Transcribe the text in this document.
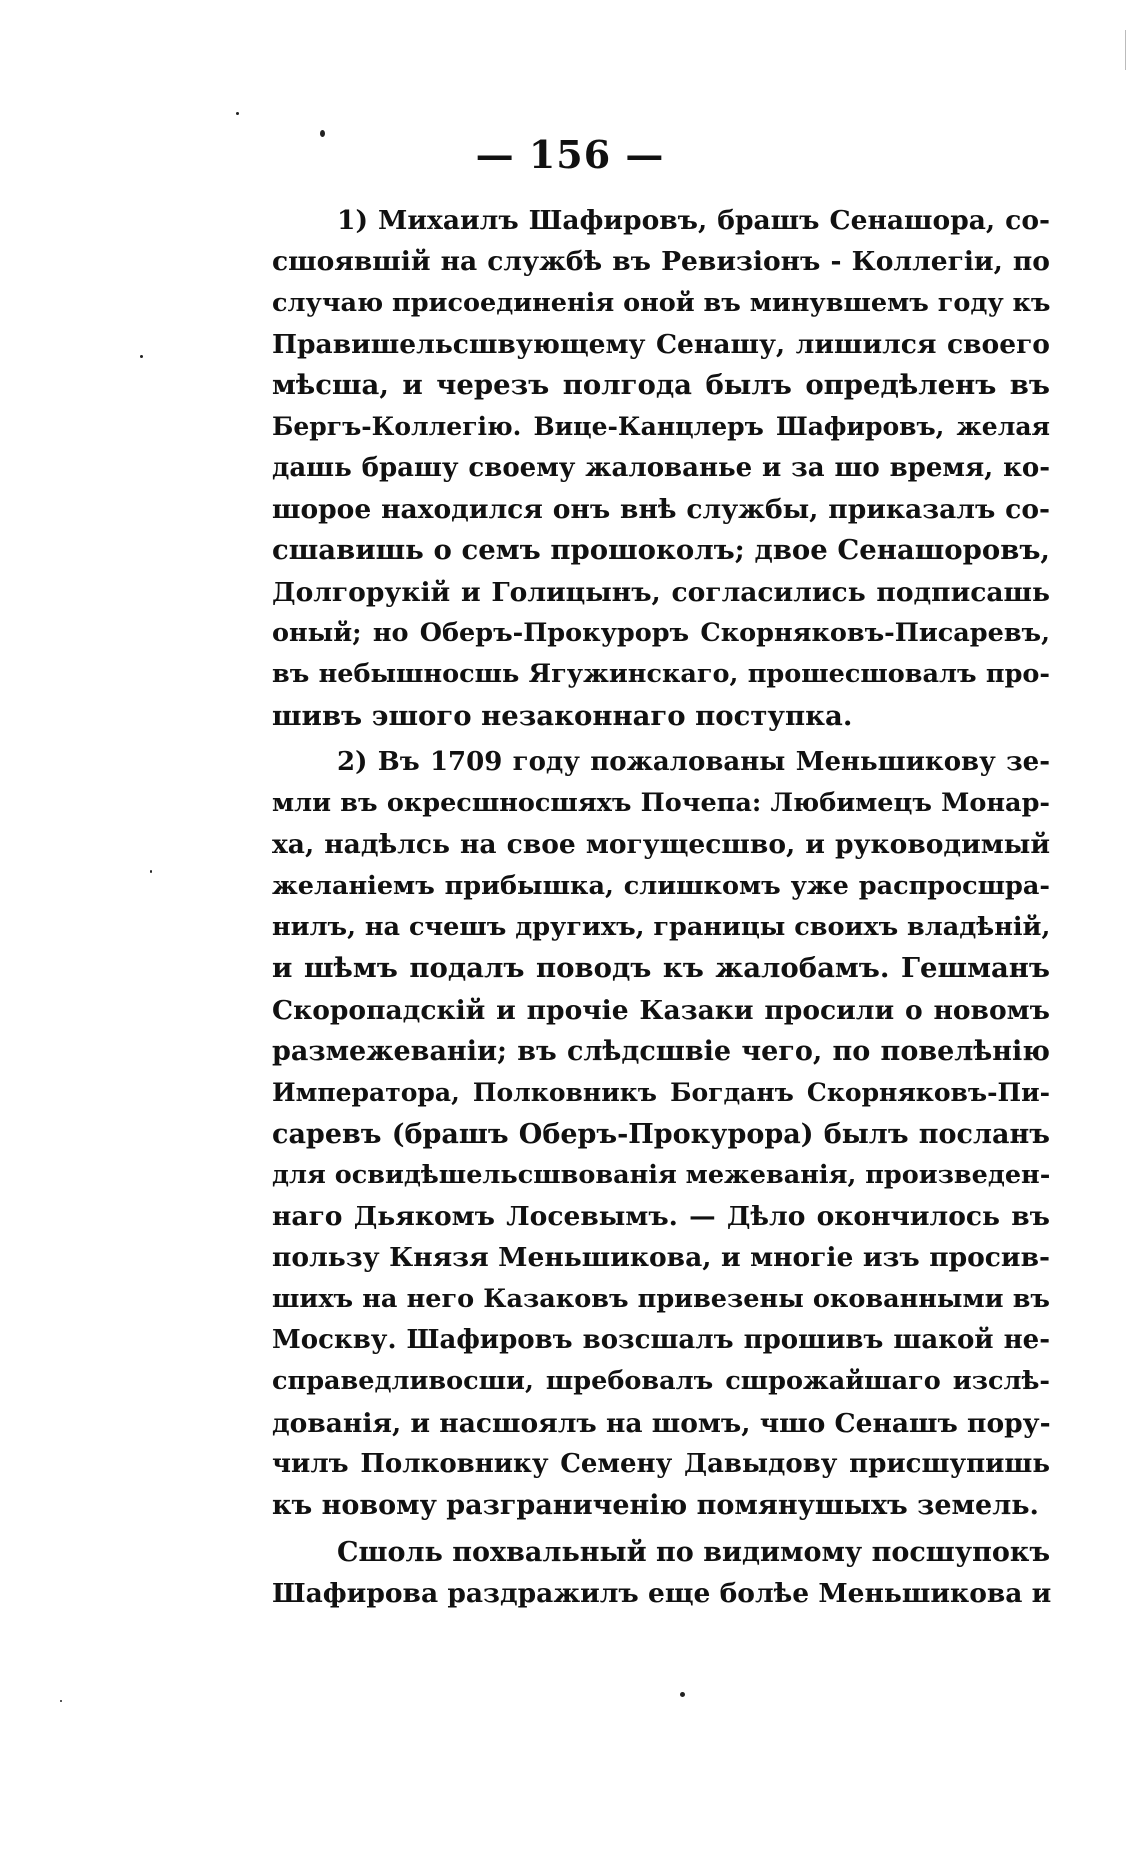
— 156 —
1) Михаилъ Шафировъ, брашъ Сенашора, со-
сшоявшій на службѣ въ Ревизіонъ - Коллегіи, по
случаю присоединенія оной въ минувшемъ году къ
Правишельсшвующему Сенашу, лишился своего
мѣсша, и черезъ полгода былъ опредѣленъ въ
Бергъ-Коллегію. Вице-Канцлеръ Шафировъ, желая
дашь брашу своему жалованье и за шо время, ко-
шорое находился онъ внѣ службы, приказалъ со-
сшавишь о семъ прошоколъ; двое Сенашоровъ,
Долгорукій и Голицынъ, согласились подписашь
оный; но Оберъ-Прокуроръ Скорняковъ-Писаревъ,
въ небышносшь Ягужинскаго, прошесшовалъ про-
шивъ эшого незаконнаго поступка.
2) Въ 1709 году пожалованы Меньшикову зе-
мли въ окресшносшяхъ Почепа: Любимецъ Монар-
ха, надѣлсь на свое могущесшво, и руководимый
желаніемъ прибышка, слишкомъ уже распросшра-
нилъ, на счешъ другихъ, границы своихъ владѣній,
и шѣмъ подалъ поводъ къ жалобамъ. Гешманъ
Скоропадскій и прочіе Казаки просили о новомъ
размежеваніи; въ слѣдсшвіе чего, по повелѣнію
Императора, Полковникъ Богданъ Скорняковъ-Пи-
саревъ (брашъ Оберъ-Прокурора) былъ посланъ
для освидѣшельсшвованія межеванія, произведен-
наго Дьякомъ Лосевымъ. — Дѣло окончилось въ
пользу Князя Меньшикова, и многіе изъ просив-
шихъ на него Казаковъ привезены окованными въ
Москву. Шафировъ возсшалъ прошивъ шакой не-
справедливосши, шребовалъ сшрожайшаго изслѣ-
дованія, и насшоялъ на шомъ, чшо Сенашъ пору-
чилъ Полковнику Семену Давыдову присшупишь
къ новому разграниченію помянушыхъ земель.
Сшоль похвальный по видимому посшупокъ
Шафирова раздражилъ еще болѣе Меньшикова и
